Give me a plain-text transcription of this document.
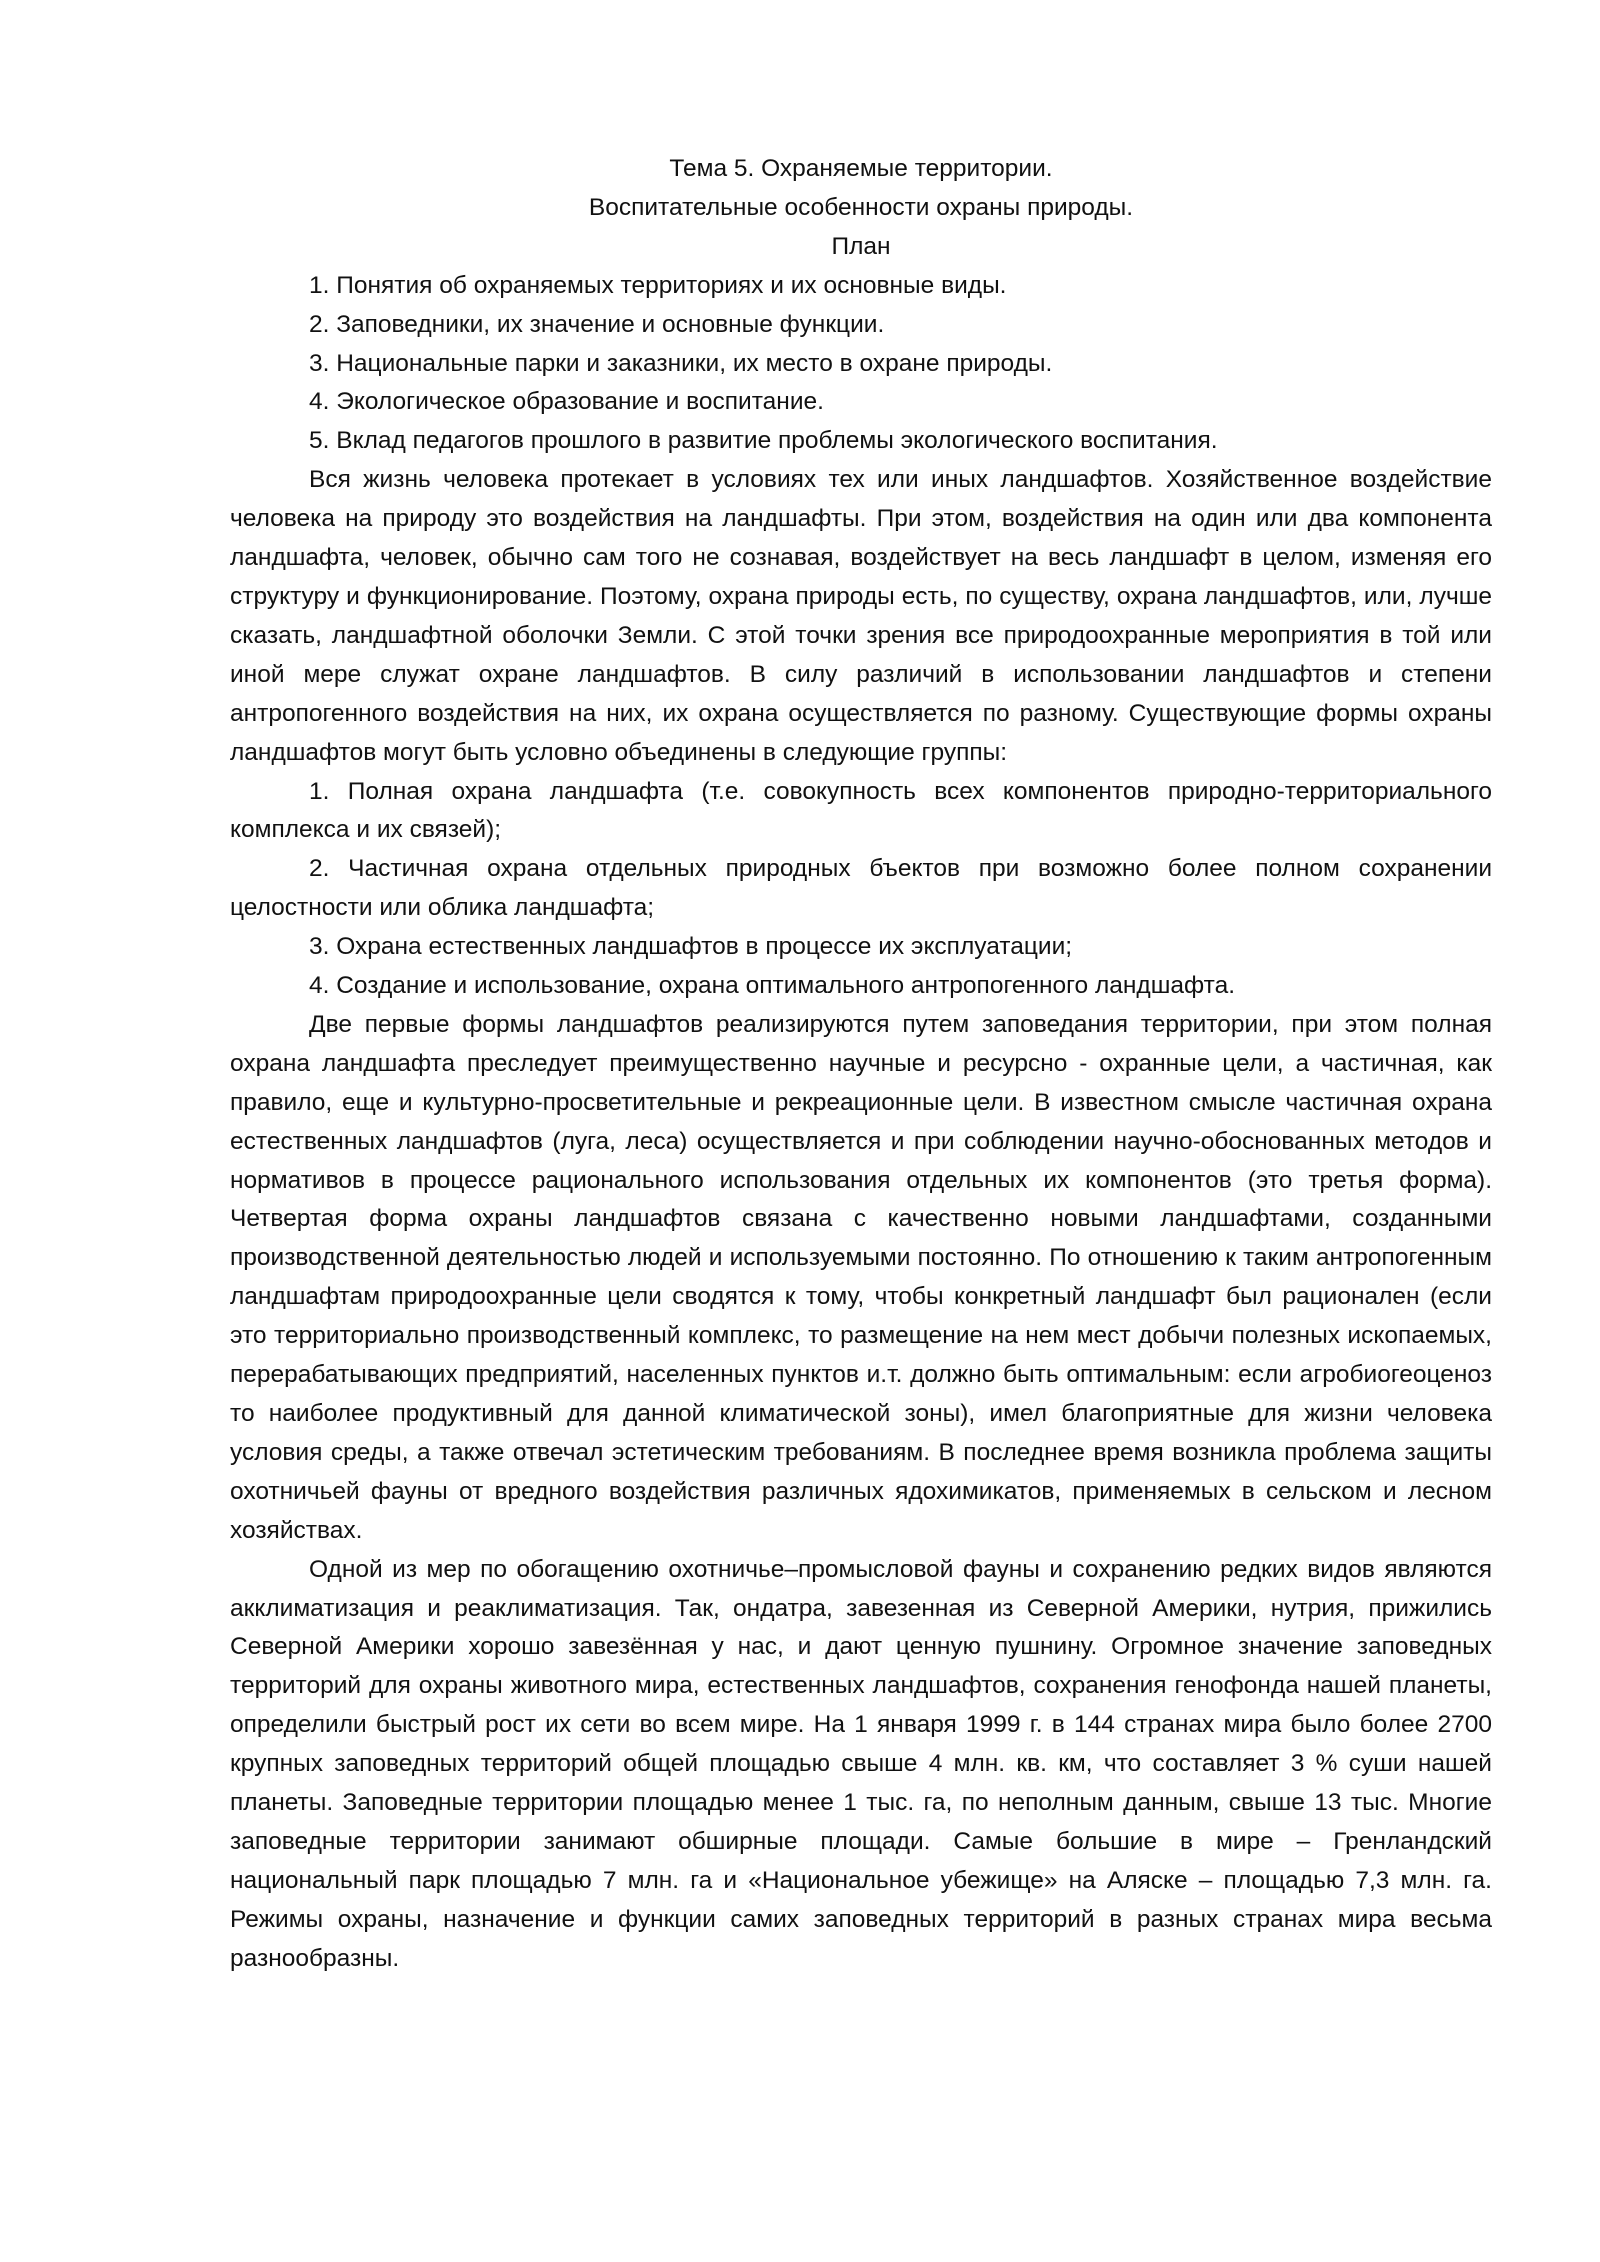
Тема 5. Охраняемые территории.

Воспитательные особенности охраны природы.

План

1. Понятия об охраняемых территориях и их основные виды.
2. Заповедники, их значение и основные функции.
3. Национальные парки и заказники, их место в охране природы.
4. Экологическое образование и воспитание.
5. Вклад педагогов прошлого в развитие проблемы экологического воспитания.

Вся жизнь человека протекает в условиях тех или иных ландшафтов. Хозяйственное воздействие человека на природу это воздействия на ландшафты. При этом, воздействия на один или два компонента ландшафта, человек, обычно сам того не сознавая, воздействует на весь ландшафт в целом, изменяя его структуру и функционирование. Поэтому, охрана природы есть, по существу, охрана ландшафтов, или, лучше сказать, ландшафтной оболочки Земли. С этой точки зрения все природоохранные мероприятия в той или иной мере служат охране ландшафтов. В силу различий в использовании ландшафтов и степени антропогенного воздействия на них, их охрана осуществляется по разному. Существующие формы охраны ландшафтов могут быть условно объединены в следующие группы:

1. Полная охрана ландшафта (т.е. совокупность всех компонентов природно-территориального комплекса и их связей);

2. Частичная охрана отдельных природных бъектов при возможно более полном сохранении целостности или облика ландшафта;

3. Охрана естественных ландшафтов в процессе их эксплуатации;

4. Создание и использование, охрана оптимального антропогенного ландшафта.

Две первые формы ландшафтов реализируются путем заповедания территории, при этом полная охрана ландшафта преследует преимущественно научные и ресурсно - охранные цели, а частичная, как правило, еще и культурно-просветительные и рекреационные цели. В известном смысле частичная охрана естественных ландшафтов (луга, леса) осуществляется и при соблюдении научно-обоснованных методов и нормативов в процессе рационального использования отдельных их компонентов (это третья форма). Четвертая форма охраны ландшафтов связана с качественно новыми ландшафтами, созданными производственной деятельностью людей и используемыми постоянно. По отношению к таким антропогенным ландшафтам природоохранные цели сводятся к тому, чтобы конкретный ландшафт был рационален (если это территориально производственный комплекс, то размещение на нем мест добычи полезных ископаемых, перерабатывающих предприятий, населенных пунктов и.т. должно быть оптимальным: если агробиогеоценоз то наиболее продуктивный для данной климатической зоны), имел благоприятные для жизни человека условия среды, а также отвечал эстетическим требованиям. В последнее время возникла проблема защиты охотничьей фауны от вредного воздействия различных ядохимикатов, применяемых в сельском и лесном хозяйствах.

Одной из мер по обогащению охотничье–промысловой фауны и сохранению редких видов являются акклиматизация и реаклиматизация. Так, ондатра, завезенная из Северной Америки, нутрия, прижились Северной Америки хорошо завезённая у нас, и дают ценную пушнину. Огромное значение заповедных территорий для охраны животного мира, естественных ландшафтов, сохранения генофонда нашей планеты, определили быстрый рост их сети во всем мире. На 1 января 1999 г. в 144 странах мира было более 2700 крупных заповедных территорий общей площадью свыше 4 млн. кв. км, что составляет 3 % суши нашей планеты. Заповедные территории площадью менее 1 тыс. га, по неполным данным, свыше 13 тыс. Многие заповедные территории занимают обширные площади. Самые большие в мире – Гренландский национальный парк площадью 7 млн. га и «Национальное убежище» на Аляске – площадью 7,3 млн. га. Режимы охраны, назначение и функции самих заповедных территорий в разных странах мира весьма разнообразны.
